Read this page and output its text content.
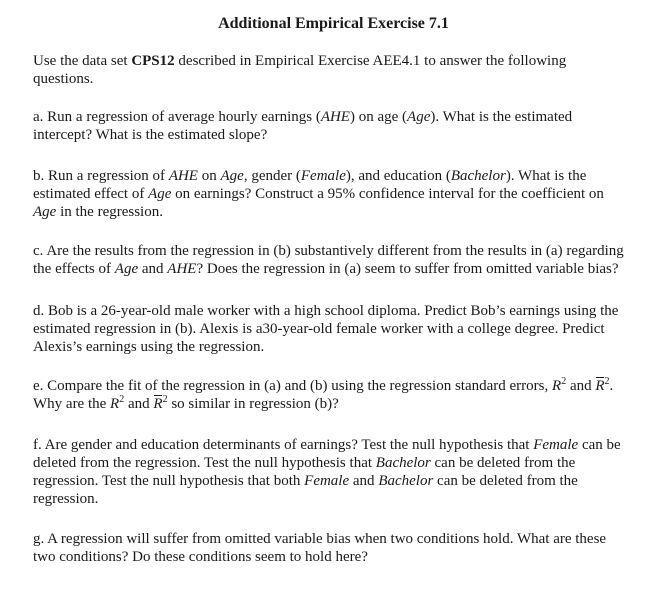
Additional Empirical Exercise 7.1

Use the data set CPS12 described in Empirical Exercise AEE4.1 to answer the following questions.

a. Run a regression of average hourly earnings (AHE) on age (Age). What is the estimated intercept? What is the estimated slope?

b. Run a regression of AHE on Age, gender (Female), and education (Bachelor). What is the estimated effect of Age on earnings? Construct a 95% confidence interval for the coefficient on Age in the regression.

c. Are the results from the regression in (b) substantively different from the results in (a) regarding the effects of Age and AHE? Does the regression in (a) seem to suffer from omitted variable bias?

d. Bob is a 26-year-old male worker with a high school diploma. Predict Bob’s earnings using the estimated regression in (b). Alexis is a30-year-old female worker with a college degree. Predict Alexis’s earnings using the regression.

e. Compare the fit of the regression in (a) and (b) using the regression standard errors, $R^2$ and $R^2$. Why are the $R^2$ and $R^2$ so similar in regression (b)?

f. Are gender and education determinants of earnings? Test the null hypothesis that Female can be deleted from the regression. Test the null hypothesis that Bachelor can be deleted from the regression. Test the null hypothesis that both Female and Bachelor can be deleted from the regression.

g. A regression will suffer from omitted variable bias when two conditions hold. What are these two conditions? Do these conditions seem to hold here?
